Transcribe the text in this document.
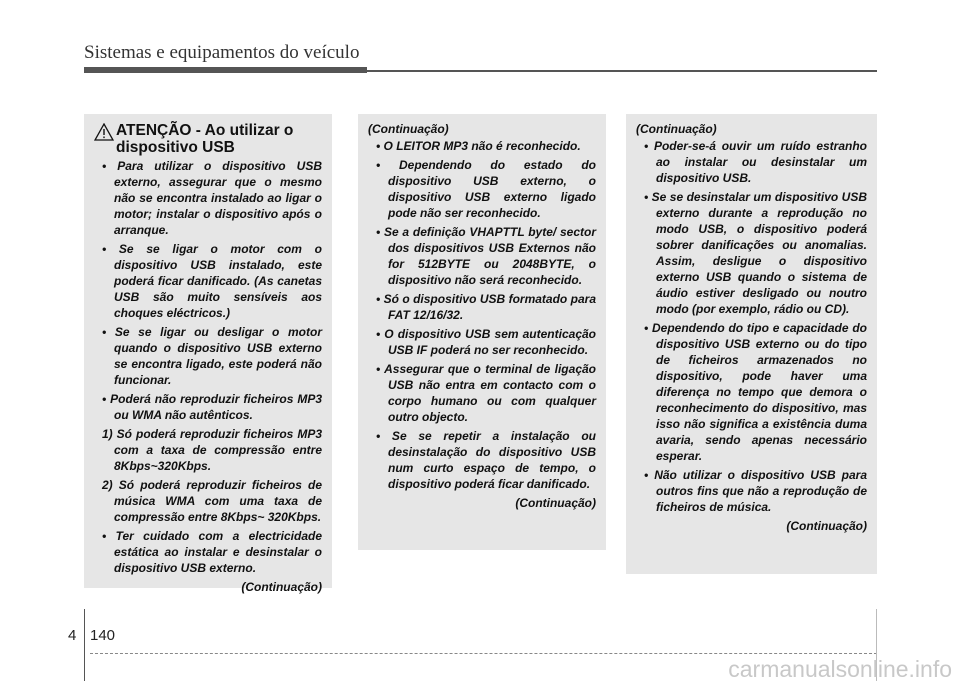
Sistemas e equipamentos do veículo
ATENÇÃO - Ao utilizar o dispositivo USB
• Para utilizar o dispositivo USB externo, assegurar que o mesmo não se encontra instalado ao ligar o motor; instalar o dispositivo após o arranque.
• Se se ligar o motor com o dispositivo USB instalado, este poderá ficar danificado. (As canetas USB são muito sensíveis aos choques eléctricos.)
• Se se ligar ou desligar o motor quando o dispositivo USB externo se encontra ligado, este poderá não funcionar.
• Poderá não reproduzir ficheiros MP3 ou WMA não autênticos.
1) Só poderá reproduzir ficheiros MP3 com a taxa de compressão entre 8Kbps~320Kbps.
2) Só poderá reproduzir ficheiros de música WMA com uma taxa de compressão entre 8Kbps~ 320Kbps.
• Ter cuidado com a electricidade estática ao instalar e desinstalar o dispositivo USB externo.
(Continuação)
(Continuação)
• O LEITOR MP3 não é reconhecido.
• Dependendo do estado do dispositivo USB externo, o dispositivo USB externo ligado pode não ser reconhecido.
• Se a definição VHAPTTL byte/ sector dos dispositivos USB Externos não for 512BYTE ou 2048BYTE, o dispositivo não será reconhecido.
• Só o dispositivo USB formatado para FAT 12/16/32.
• O dispositivo USB sem autenticação USB IF poderá no ser reconhecido.
• Assegurar que o terminal de ligação USB não entra em contacto com o corpo humano ou com qualquer outro objecto.
• Se se repetir a instalação ou desinstalação do dispositivo USB num curto espaço de tempo, o dispositivo poderá ficar danificado.
(Continuação)
(Continuação)
• Poder-se-á ouvir um ruído estranho ao instalar ou desinstalar um dispositivo USB.
• Se se desinstalar um dispositivo USB externo durante a reprodução no modo USB, o dispositivo poderá sobrer danificações ou anomalias. Assim, desligue o dispositivo externo USB quando o sistema de áudio estiver desligado ou noutro modo (por exemplo, rádio ou CD).
• Dependendo do tipo e capacidade do dispositivo USB externo ou do tipo de ficheiros armazenados no dispositivo, pode haver uma diferença no tempo que demora o reconhecimento do dispositivo, mas isso não significa a existência duma avaria, sendo apenas necessário esperar.
• Não utilizar o dispositivo USB para outros fins que não a reprodução de ficheiros de música.
(Continuação)
4 140
carmanualsonline.info
